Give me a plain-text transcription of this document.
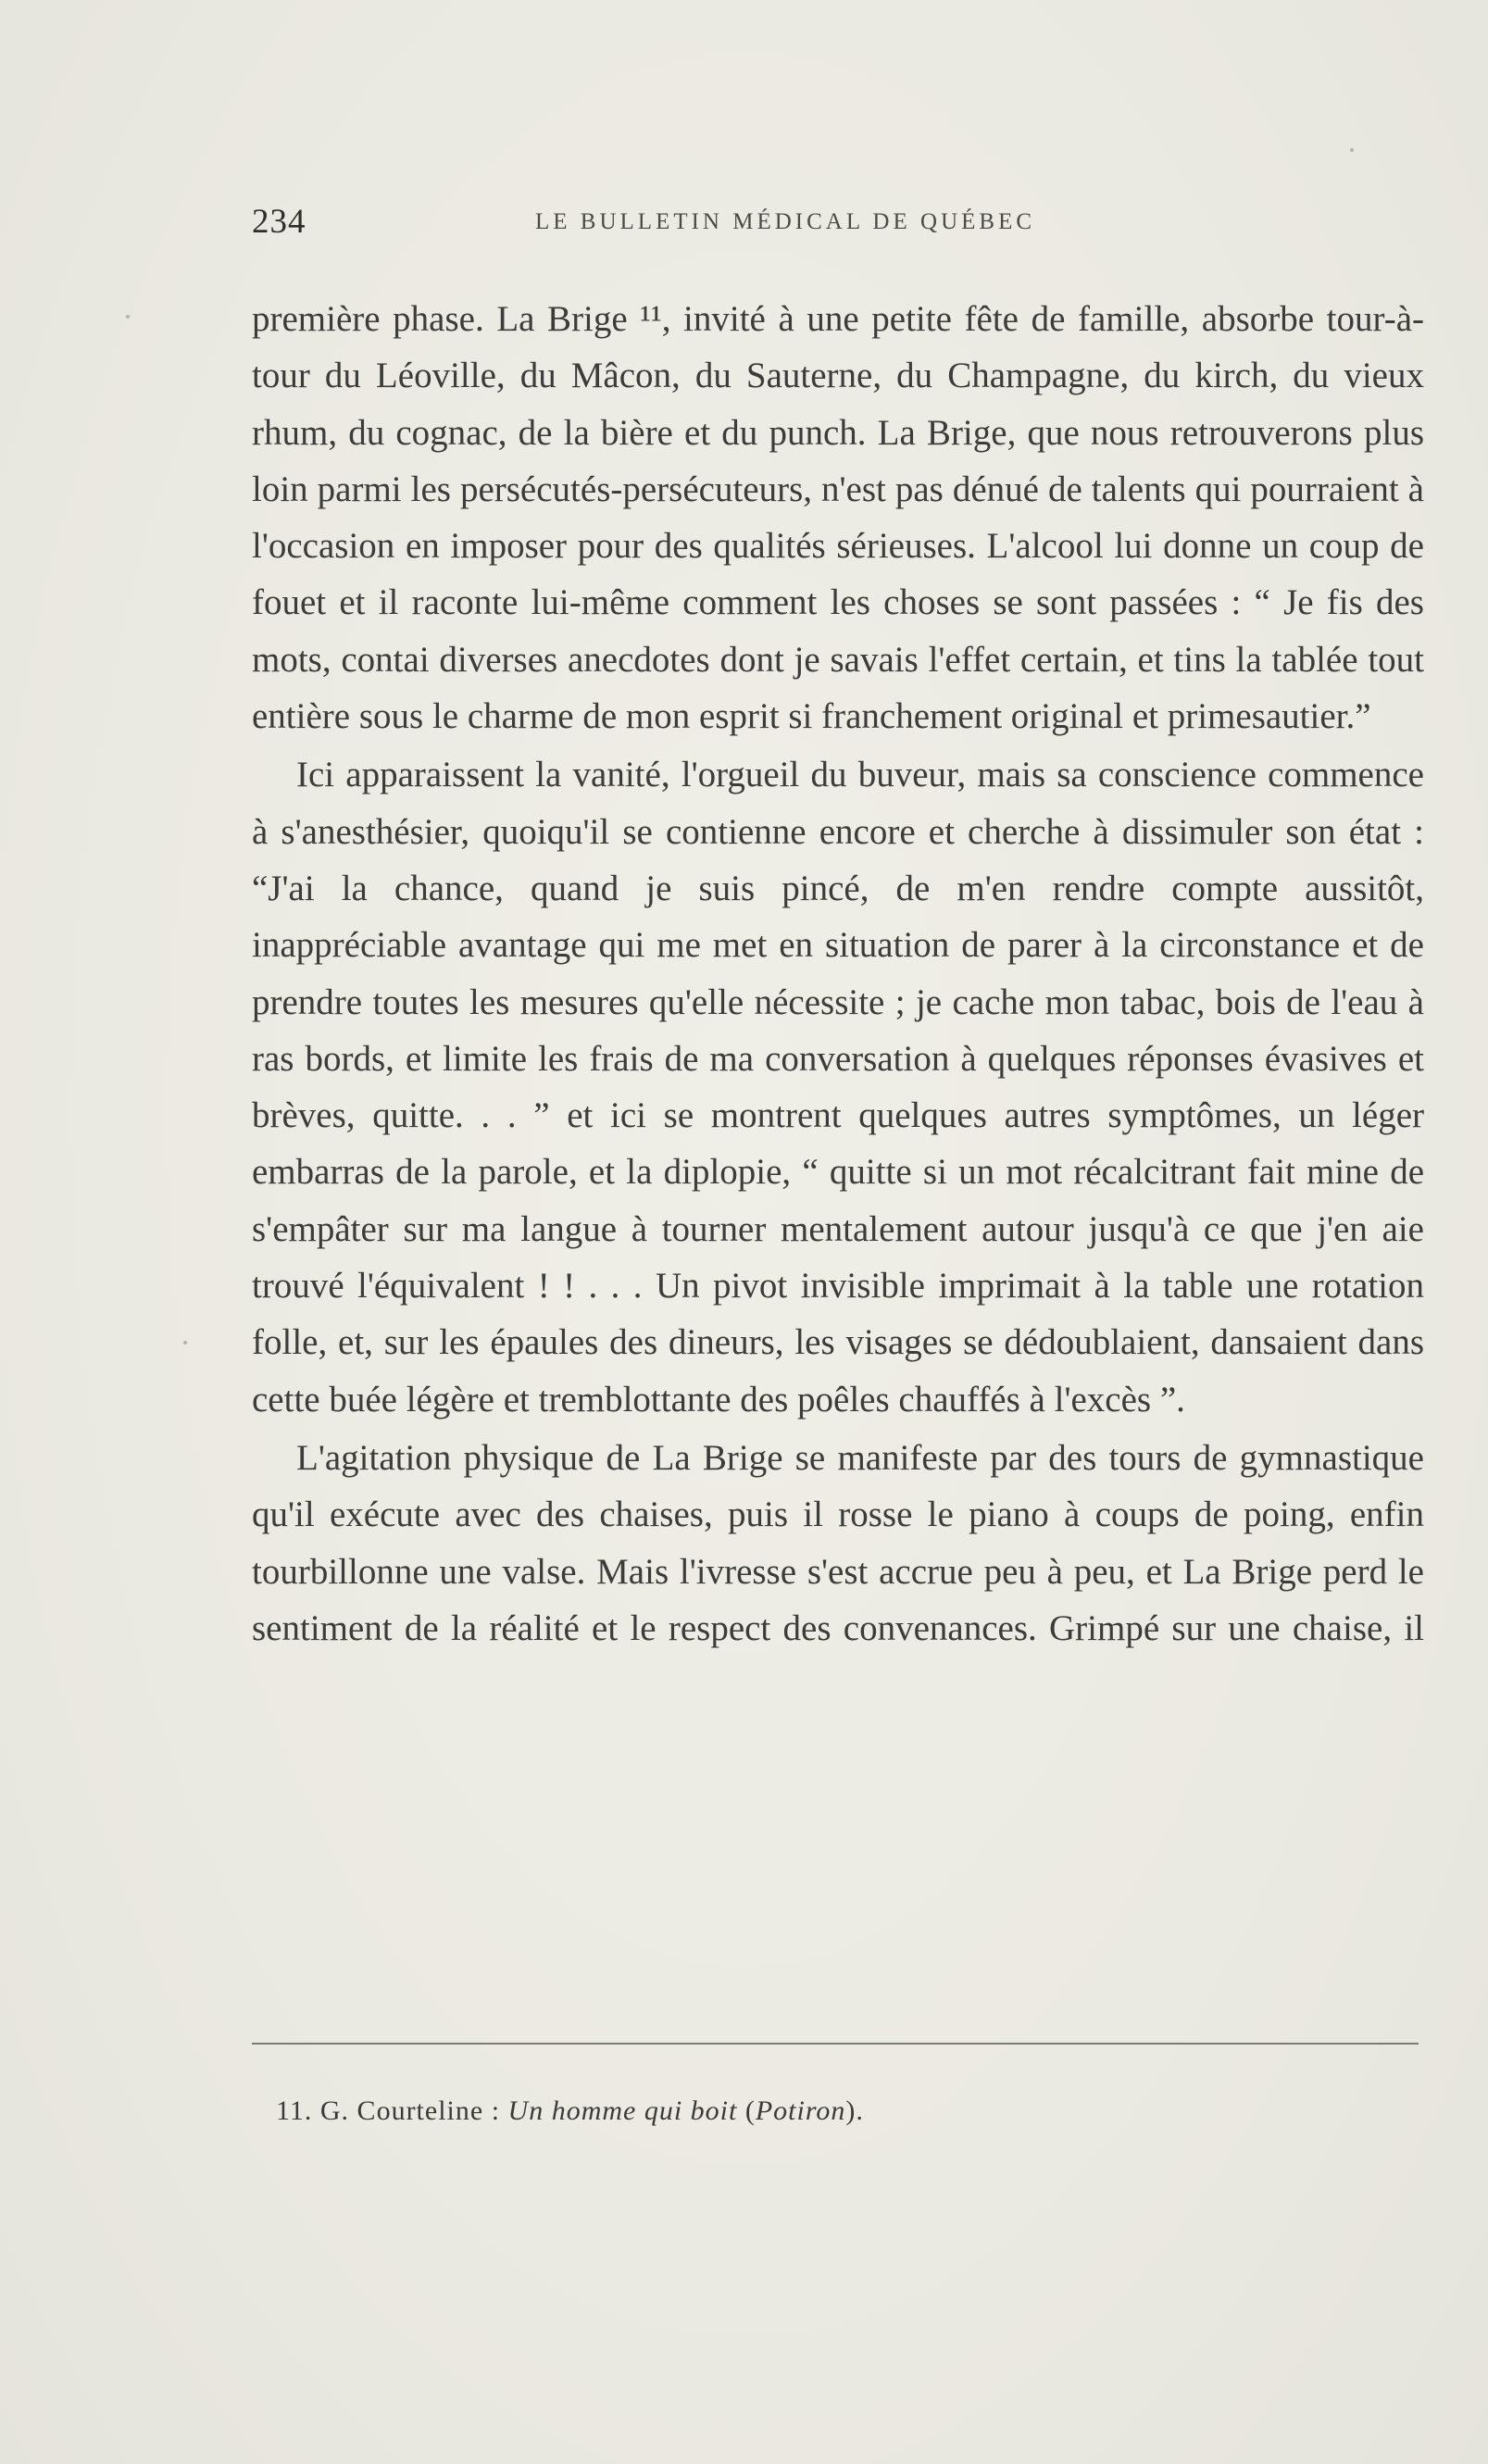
234	LE BULLETIN MÉDICAL DE QUÉBEC

première phase. La Brige ¹¹, invité à une petite fête de famille, absorbe tour-à-tour du Léoville, du Mâcon, du Sauterne, du Champagne, du kirch, du vieux rhum, du cognac, de la bière et du punch. La Brige, que nous retrouverons plus loin parmi les persécutés-persécuteurs, n'est pas dénué de talents qui pourraient à l'occasion en imposer pour des qualités sérieuses. L'alcool lui donne un coup de fouet et il raconte lui-même comment les choses se sont passées : “ Je fis des mots, contai diverses anecdotes dont je savais l'effet certain, et tins la tablée tout entière sous le charme de mon esprit si franchement original et primesautier.”

Ici apparaissent la vanité, l'orgueil du buveur, mais sa conscience commence à s'anesthésier, quoiqu'il se contienne encore et cherche à dissimuler son état : “J'ai la chance, quand je suis pincé, de m'en rendre compte aussitôt, inappréciable avantage qui me met en situation de parer à la circonstance et de prendre toutes les mesures qu'elle nécessite ; je cache mon tabac, bois de l'eau à ras bords, et limite les frais de ma conversation à quelques réponses évasives et brèves, quitte. . . ” et ici se montrent quelques autres symptômes, un léger embarras de la parole, et la diplopie, “ quitte si un mot récalcitrant fait mine de s'empâter sur ma langue à tourner mentalement autour jusqu'à ce que j'en aie trouvé l'équivalent ! ! . . . Un pivot invisible imprimait à la table une rotation folle, et, sur les épaules des dineurs, les visages se dédoublaient, dansaient dans cette buée légère et tremblottante des poêles chauffés à l'excès ”.

L'agitation physique de La Brige se manifeste par des tours de gymnastique qu'il exécute avec des chaises, puis il rosse le piano à coups de poing, enfin tourbillonne une valse. Mais l'ivresse s'est accrue peu à peu, et La Brige perd le sentiment de la réalité et le respect des convenances. Grimpé sur une chaise, il

11. G. Courteline : Un homme qui boit (Potiron).
